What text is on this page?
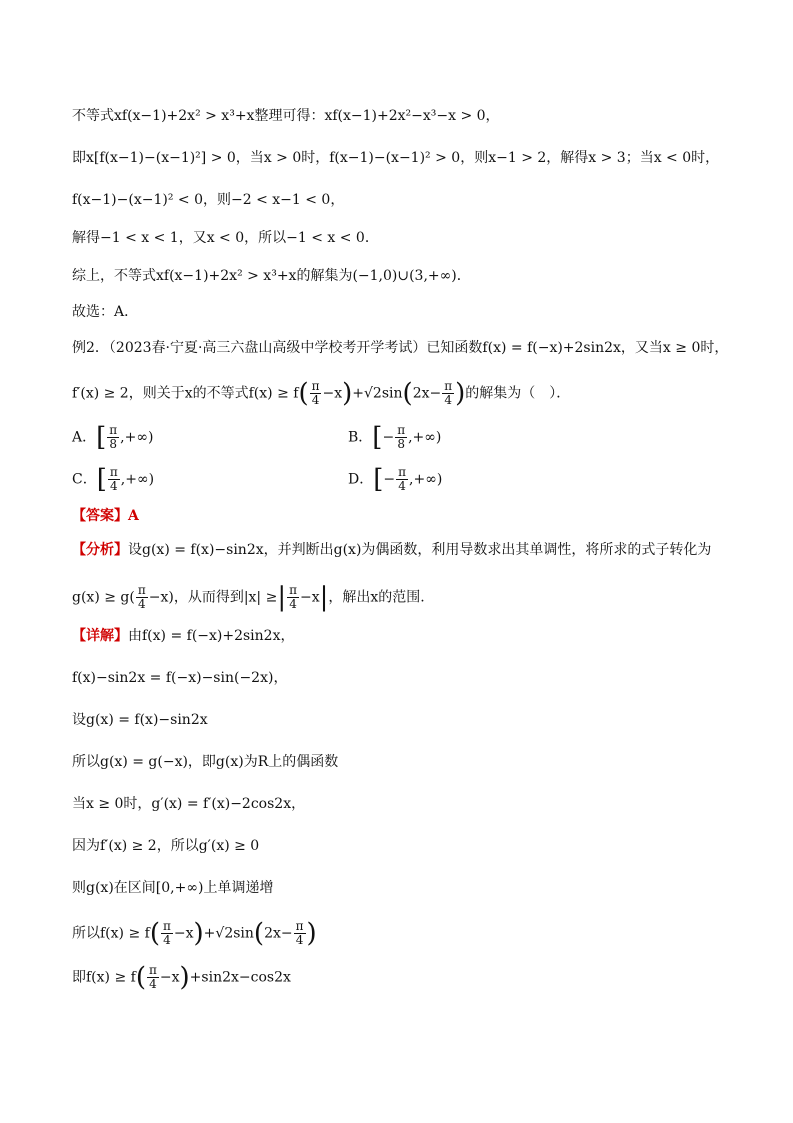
不等式xf(x−1)+2x² > x³+x整理可得：xf(x−1)+2x²−x³−x > 0，
即x[f(x−1)−(x−1)²] > 0，当x > 0时，f(x−1)−(x−1)² > 0，则x−1 > 2，解得x > 3；当x < 0时，
f(x−1)−(x−1)² < 0，则−2 < x−1 < 0，
解得−1 < x < 1，又x < 0，所以−1 < x < 0．
综上，不等式xf(x−1)+2x² > x³+x的解集为(−1,0)∪(3,+∞)．
故选：A．
例2．（2023春·宁夏·高三六盘山高级中学校考开学考试）已知函数f(x) = f(−x)+2sin2x，又当x ≥ 0时，
f′(x) ≥ 2，则关于x的不等式$f(x) \ge f( \frac{\pi}{4} -x)+√2\sin(2x- \frac{\pi}{4}$ )的解集为（　）．
A．[ $\frac{\pi}{8}$ ,+∞)	B．[− $\frac{\pi}{8}$ ,+∞)
C．[ $\frac{\pi}{4}$ ,+∞)	D．[− $\frac{\pi}{4}$ ,+∞)
【答案】A
【分析】设g(x) = f(x)−sin2x，并判断出g(x)为偶函数，利用导数求出其单调性，将所求的式子转化为
$g(x) \ge g( \frac{\pi}{4} -x)$，从而得到|x| ≥| $\frac{\pi}{4} -x|$，解出x的范围.
【详解】由f(x) = f(−x)+2sin2x，
f(x)−sin2x = f(−x)−sin(−2x)，
设g(x) = f(x)−sin2x
所以g(x) = g(−x)，即g(x)为R上的偶函数
当x ≥ 0时，g′(x) = f′(x)−2cos2x，
因为f′(x) ≥ 2，所以g′(x) ≥ 0
则g(x)在区间[0,+∞)上单调递增
所以$f(x) \ge f( \frac{\pi}{4} -x)+√2\sin(2x- \frac{\pi}{4}$ )
即$f(x) \ge f( \frac{\pi}{4} -x)+\sin 2x-\cos 2x$
